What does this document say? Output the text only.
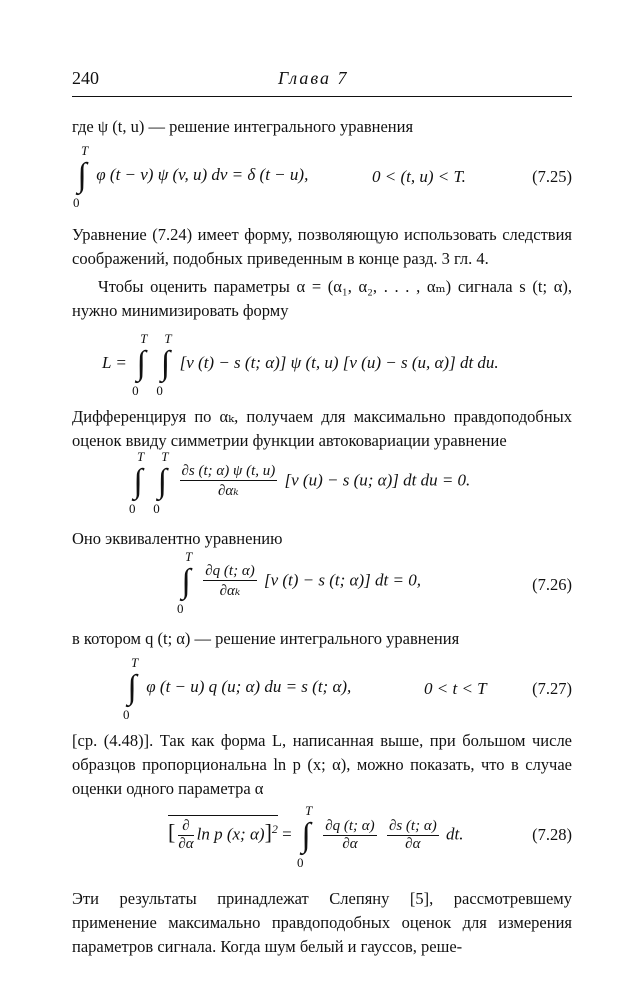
240	Глава 7

где ψ (t, u) — решение интегрального уравнения

∫
T
0
φ (t − v) ψ (v, u) dv = δ (t − u),	0 < (t, u) < T.	(7.25)

Уравнение (7.24) имеет форму, позволяющую использовать следствия соображений, подобных приведенным в конце разд. 3 гл. 4.

Чтобы оценить параметры α = (α₁, α₂, . . . , αₘ) сигнала s (t; α), нужно минимизировать форму

L = ∫
T
0

∫
T
0
[v (t) − s (t; α)] ψ (t, u) [v (u) − s (u, α)] dt du.

Дифференцируя по αₖ, получаем для максимально правдоподобных оценок ввиду симметрии функции автоковариации уравнение

∫
T
0

∫
T
0

$\frac{\partial s (t; \alpha) \psi (t, u)}{\text{∂αₖ}} [v$ (u) − s (u; α)] dt du = 0.

Оно эквивалентно уравнению

∫
T
0

$\frac{\partial q (t; \alpha)}{\text{∂αₖ}} [v$ (t) − s (t; α)] dt = 0,	(7.26)

в котором q (t; α) — решение интегрального уравнения

∫
T
0
φ (t − u) q (u; α) du = s (t; α),	0 < t < T	(7.27)

[ср. (4.48)]. Так как форма L, написанная выше, при большом числе образцов пропорциональна ln p (x; α), можно показать, что в случае оценки одного параметра α

[ $\frac{\partial}{\partial\alpha}$ ln p (x; α)]$^2$ = ∫
T
0

$\frac{\partial q (t; \alpha)}{\partial\alpha}$
$\frac{\partial s (t; \alpha)}{\partial\alpha}$ dt.	(7.28)

Эти результаты принадлежат Слепяну [5], рассмотревшему применение максимально правдоподобных оценок для измерения параметров сигнала. Когда шум белый и гауссов, реше-
